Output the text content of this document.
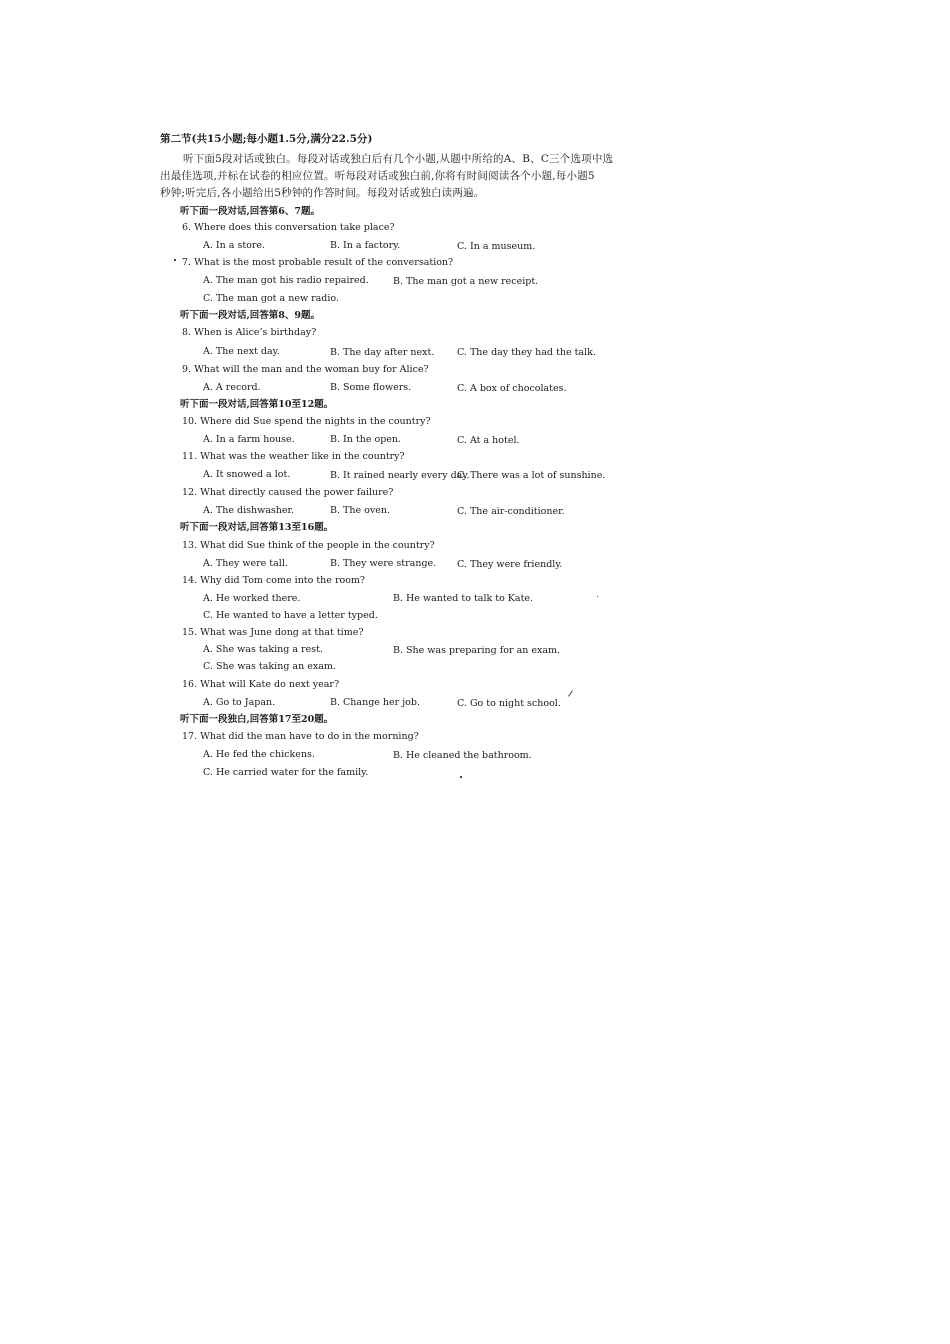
第二节(共15小题;每小题1.5分,满分22.5分)
听下面5段对话或独白。每段对话或独白后有几个小题,从题中所给的A、B、C三个选项中选
出最佳选项,并标在试卷的相应位置。听每段对话或独白前,你将有时间阅读各个小题,每小题5
秒钟;听完后,各小题给出5秒钟的作答时间。每段对话或独白读两遍。
听下面一段对话,回答第6、7题。
6. Where does this conversation take place?
A. In a store.	B. In a factory.	C. In a museum.
7. What is the most probable result of the conversation?
A. The man got his radio repaired.	B. The man got a new receipt.
C. The man got a new radio.
听下面一段对话,回答第8、9题。
8. When is Alice’s birthday?
A. The next day.	B. The day after next. C. The day they had the talk.
9. What will the man and the woman buy for Alice?
A. A record.	B. Some flowers.	C. A box of chocolates.
听下面一段对话,回答第10至12题。
10. Where did Sue spend the nights in the country?
A. In a farm house.	B. In the open.	C. At a hotel.
11. What was the weather like in the country?
A. It snowed a lot.	B. It rained nearly every day.
C. There was a lot of sunshine.
12. What directly caused the power failure?
A. The dishwasher.	B. The oven.	C. The air-conditioner.
听下面一段对话,回答第13至16题。
13. What did Sue think of the people in the country?
A. They were tall.	B. They were strange. C. They were friendly.
14. Why did Tom come into the room?
A. He worked there.	B. He wanted to talk to Kate.
C. He wanted to have a letter typed.
15. What was June dong at that time?
A. She was taking a rest.	B. She was preparing for an exam.
C. She was taking an exam.
16. What will Kate do next year?
A. Go to Japan.	B. Change her job.	C. Go to night school.
听下面一段独白,回答第17至20题。
17. What did the man have to do in the morning?
A. He fed the chickens.	B. He cleaned the bathroom.
C. He carried water for the family.
